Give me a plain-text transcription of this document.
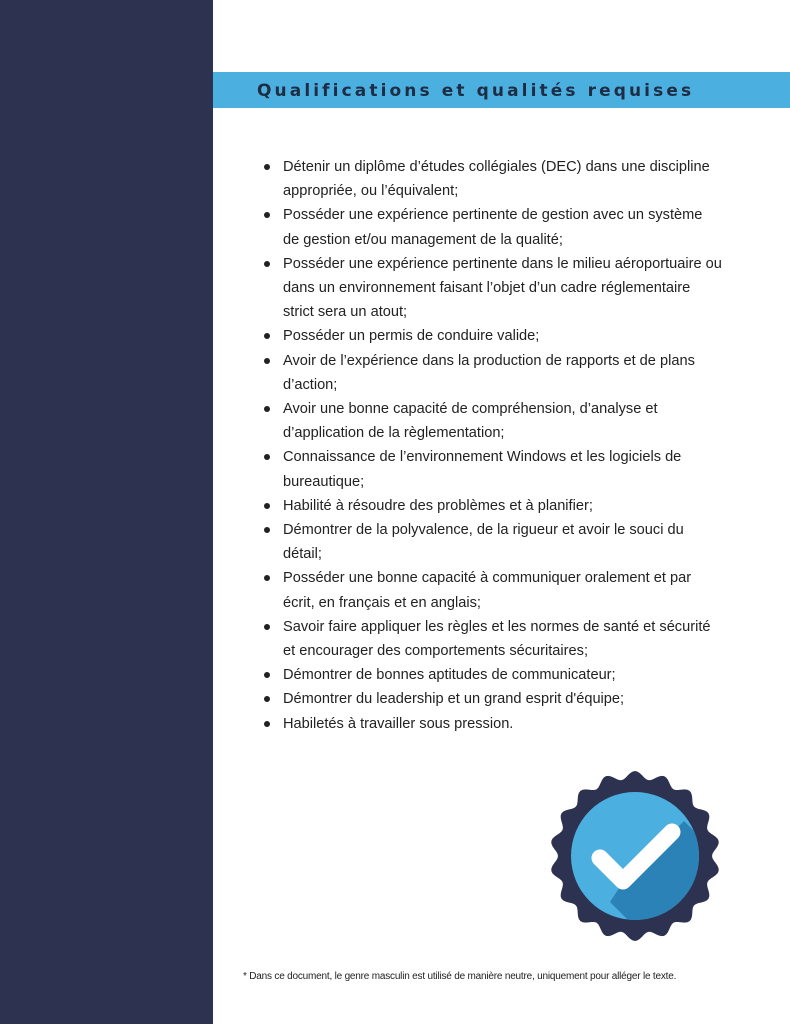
Qualifications et qualités requises
Détenir un diplôme d’études collégiales (DEC) dans une discipline appropriée, ou l’équivalent;
Posséder une expérience pertinente de gestion avec un système de gestion et/ou management de la qualité;
Posséder une expérience pertinente dans le milieu aéroportuaire ou dans un environnement faisant l’objet d’un cadre réglementaire strict sera un atout;
Posséder un permis de conduire valide;
Avoir de l’expérience dans la production de rapports et de plans d’action;
Avoir une bonne capacité de compréhension, d’analyse et d’application de la règlementation;
Connaissance de l’environnement Windows et les logiciels de bureautique;
Habilité à résoudre des problèmes et à planifier;
Démontrer de la polyvalence, de la rigueur et avoir le souci du détail;
Posséder une bonne capacité à communiquer oralement et par écrit, en français et en anglais;
Savoir faire appliquer les règles et les normes de santé et sécurité et encourager des comportements sécuritaires;
Démontrer de bonnes aptitudes de communicateur;
Démontrer du leadership et un grand esprit d'équipe;
Habiletés à travailler sous pression.

* Dans ce document, le genre masculin est utilisé de manière neutre, uniquement pour alléger le texte.
